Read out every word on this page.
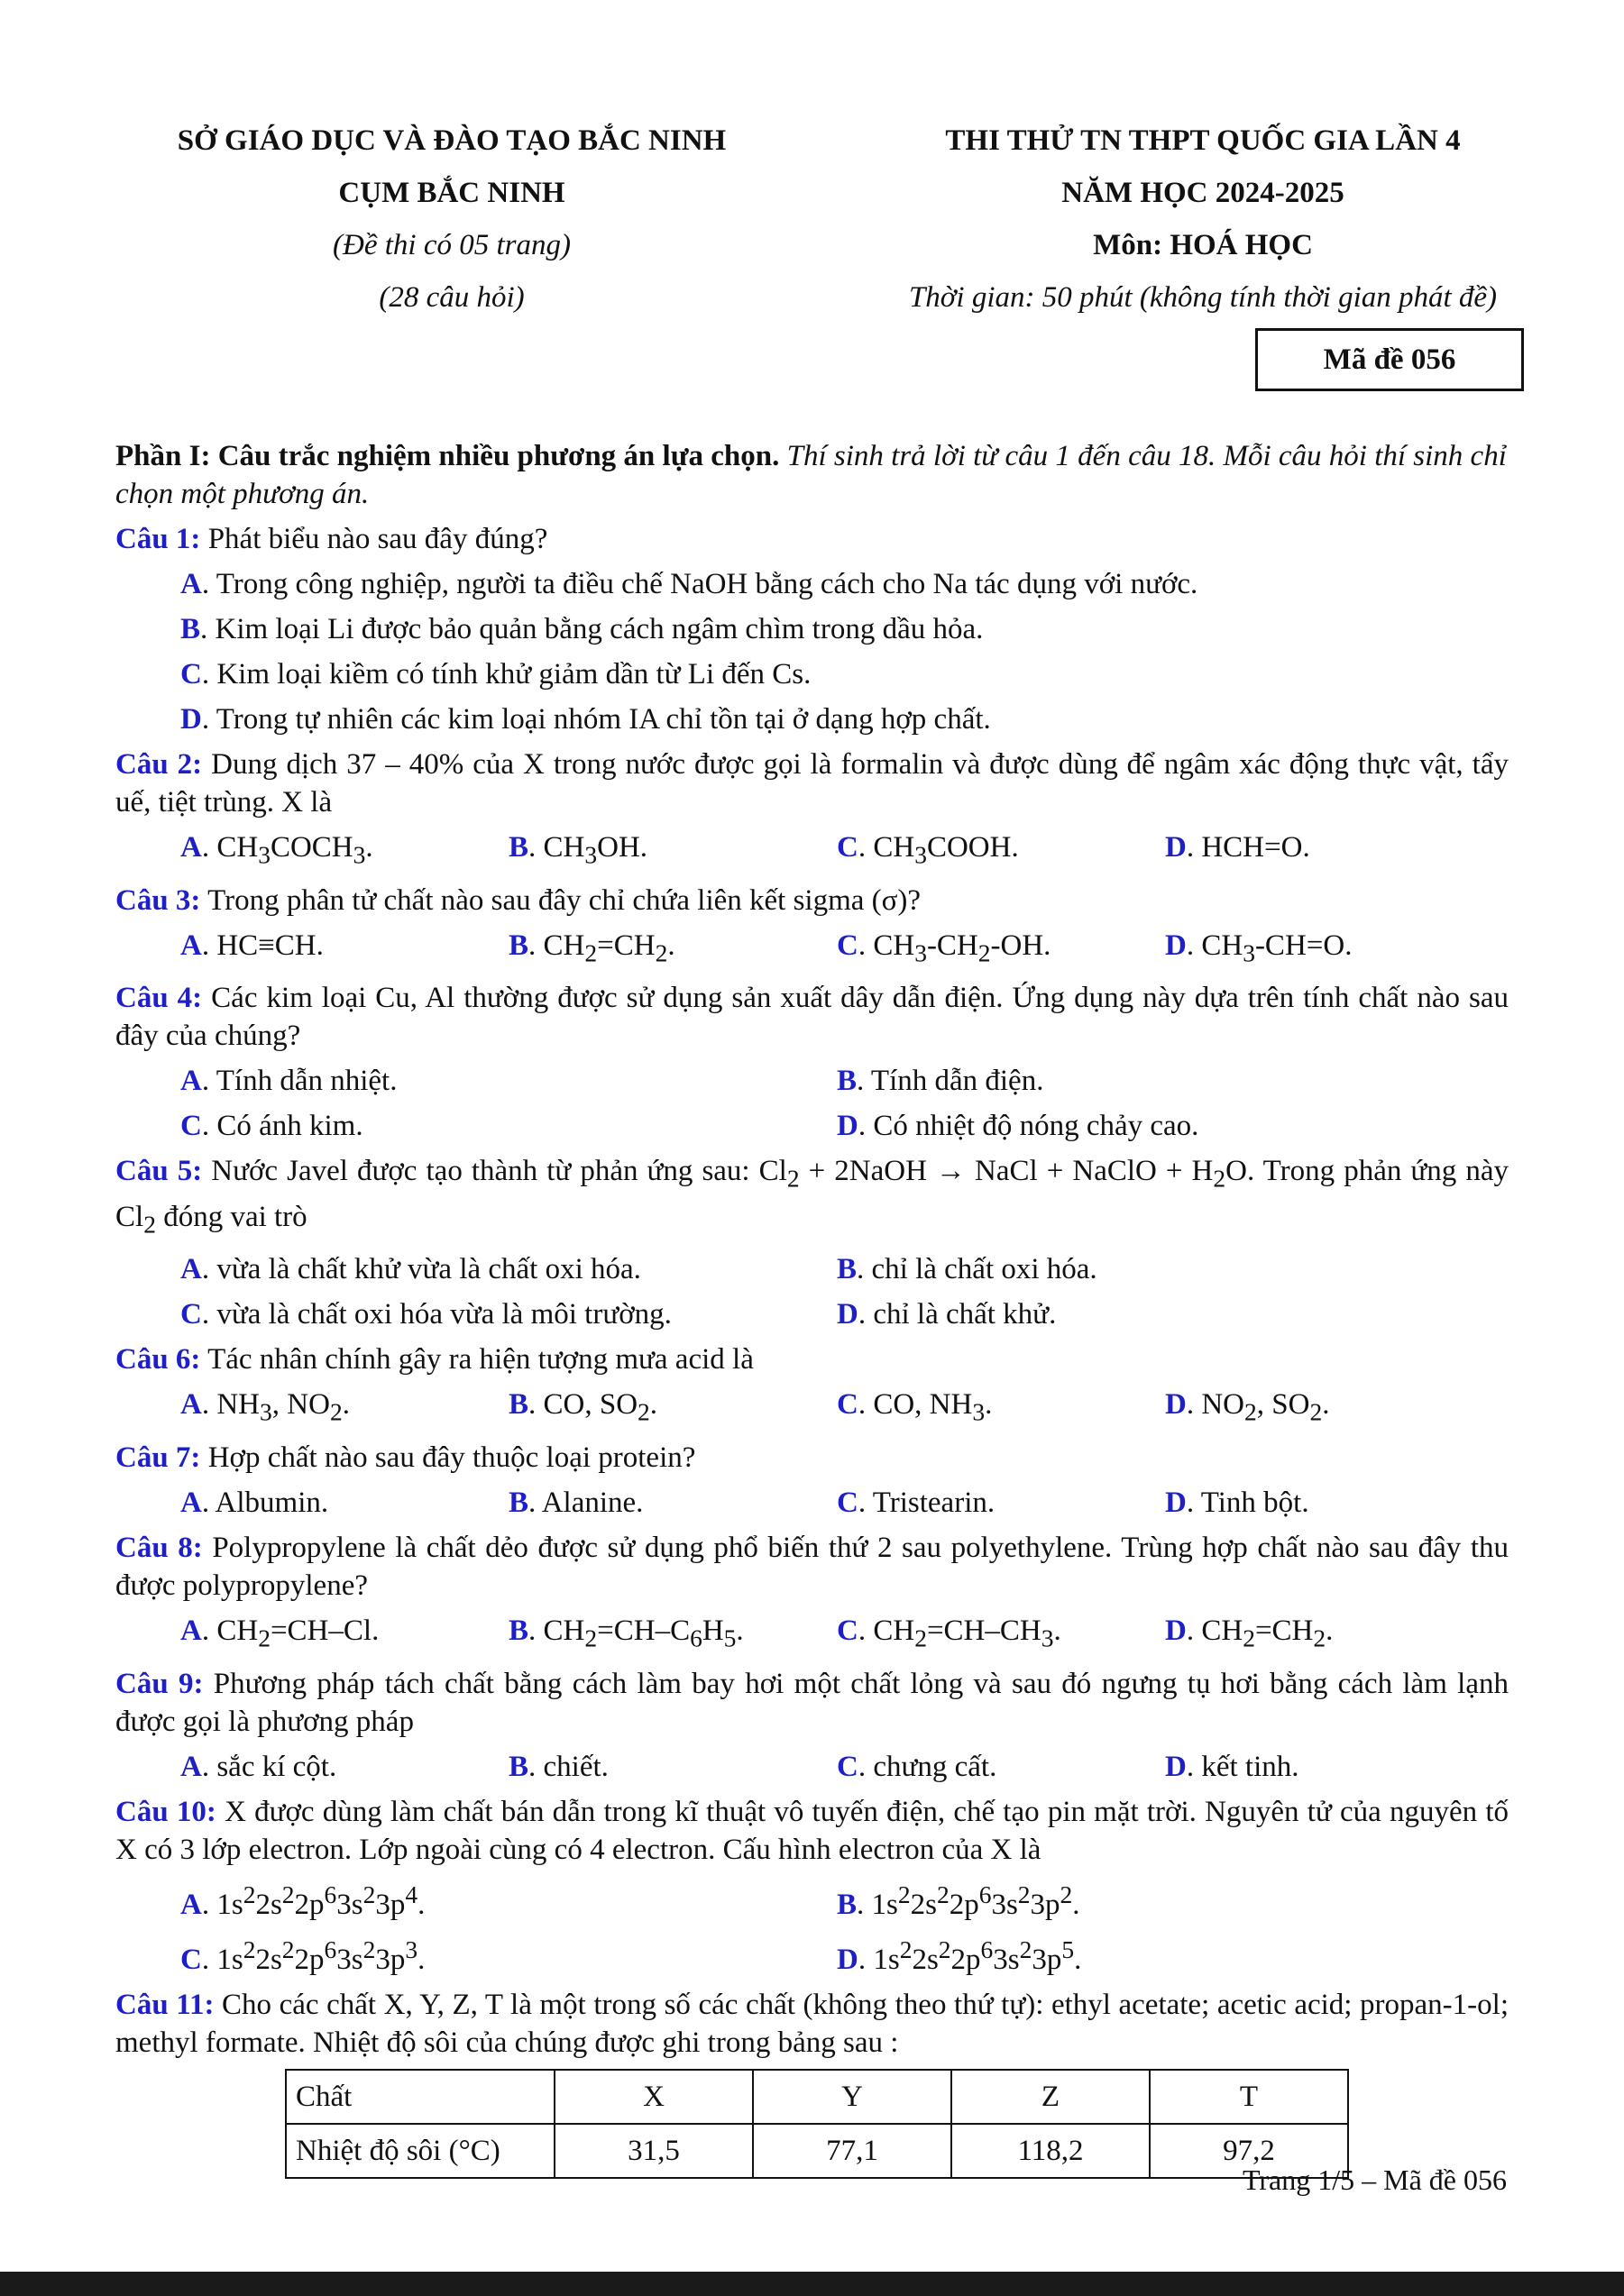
SỞ GIÁO DỤC VÀ ĐÀO TẠO BẮC NINH
CỤM BẮC NINH
(Đề thi có 05 trang)
(28 câu hỏi)
THI THỬ TN THPT QUỐC GIA LẦN 4
NĂM HỌC 2024-2025
Môn: HOÁ HỌC
Thời gian: 50 phút (không tính thời gian phát đề)
Mã đề 056
Phần I: Câu trắc nghiệm nhiều phương án lựa chọn. Thí sinh trả lời từ câu 1 đến câu 18. Mỗi câu hỏi thí sinh chỉ chọn một phương án.
Câu 1: Phát biểu nào sau đây đúng?
A. Trong công nghiệp, người ta điều chế NaOH bằng cách cho Na tác dụng với nước.
B. Kim loại Li được bảo quản bằng cách ngâm chìm trong dầu hỏa.
C. Kim loại kiềm có tính khử giảm dần từ Li đến Cs.
D. Trong tự nhiên các kim loại nhóm IA chỉ tồn tại ở dạng hợp chất.
Câu 2: Dung dịch 37 – 40% của X trong nước được gọi là formalin và được dùng để ngâm xác động thực vật, tẩy uế, tiệt trùng. X là
A. $CH_3COCH_3$.	B. $CH_3OH$.	C. $CH_3COOH$.	D. HCH=O.
Câu 3: Trong phân tử chất nào sau đây chỉ chứa liên kết sigma (σ)?
A. HC≡CH.	B. $CH_2=CH_2$.	C. $CH_3-CH_2-OH$.	D. $CH_3-CH=O$.
Câu 4: Các kim loại Cu, Al thường được sử dụng sản xuất dây dẫn điện. Ứng dụng này dựa trên tính chất nào sau đây của chúng?
A. Tính dẫn nhiệt.	B. Tính dẫn điện.
C. Có ánh kim.	D. Có nhiệt độ nóng chảy cao.
Câu 5: Nước Javel được tạo thành từ phản ứng sau: $Cl_2$ + 2NaOH → NaCl + NaClO + $H_2O$. Trong phản ứng này $Cl_2$ đóng vai trò
A. vừa là chất khử vừa là chất oxi hóa.	B. chỉ là chất oxi hóa.
C. vừa là chất oxi hóa vừa là môi trường.	D. chỉ là chất khử.
Câu 6: Tác nhân chính gây ra hiện tượng mưa acid là
A. $NH_3$, $NO_2$.	B. CO, $SO_2$.	C. CO, $NH_3$.	D. $NO_2$, $SO_2$.
Câu 7: Hợp chất nào sau đây thuộc loại protein?
A. Albumin.	B. Alanine.	C. Tristearin.	D. Tinh bột.
Câu 8: Polypropylene là chất dẻo được sử dụng phổ biến thứ 2 sau polyethylene. Trùng hợp chất nào sau đây thu được polypropylene?
A. $CH_2=CH-Cl$.	B. $CH_2=CH-C_6H_5$.	C. $CH_2=CH-CH_3$.	D. $CH_2=CH_2$.
Câu 9: Phương pháp tách chất bằng cách làm bay hơi một chất lỏng và sau đó ngưng tụ hơi bằng cách làm lạnh được gọi là phương pháp
A. sắc kí cột.	B. chiết.	C. chưng cất.	D. kết tinh.
Câu 10: X được dùng làm chất bán dẫn trong kĩ thuật vô tuyến điện, chế tạo pin mặt trời. Nguyên tử của nguyên tố X có 3 lớp electron. Lớp ngoài cùng có 4 electron. Cấu hình electron của X là
A. $1s^22s^22p^63s^23p^4$.	B. $1s^22s^22p^63s^23p^2$.
C. $1s^22s^22p^63s^23p^3$.	D. $1s^22s^22p^63s^23p^5$.
Câu 11: Cho các chất X, Y, Z, T là một trong số các chất (không theo thứ tự): ethyl acetate; acetic acid; propan-1-ol; methyl formate. Nhiệt độ sôi của chúng được ghi trong bảng sau :
Chất	X	Y	Z	T
Nhiệt độ sôi (°C)	31,5	77,1	118,2	97,2
Trang 1/5 – Mã đề 056
